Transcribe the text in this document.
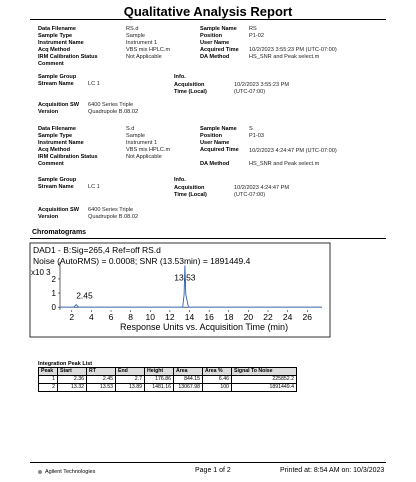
Qualitative Analysis Report
Data Filename	RS.d	Sample Name RS
Sample Type	Sample	Position	P1-02
Instrument Name	Instrument 1	User Name
Acq Method	VBS mix HPLC.m	Acquired Time 10/2/2023 3:55:23 PM (UTC-07:00)
IRM Calibration Status	Not Applicable	DA Method	HS_SNR and Peak select.m
Comment
Sample Group	Info.
Stream Name	LC 1	Acquisition Time (Local)
10/2/2023 3:55:23 PM (UTC-07:00)
Acquisition SW Version
6400 Series Triple Quadrupole B.08.02
Data Filename	S.d	Sample Name S
Sample Type	Sample	Position	P1-03
Instrument Name	Instrument 1	User Name
Acq Method	VBS mix HPLC.m	Acquired Time 10/2/2023 4:24:47 PM (UTC-07:00)
IRM Calibration Status	Not Applicable
DA Method	HS_SNR and Peak select.m
Comment
Sample Group	Info.
Stream Name	LC 1	Acquisition Time (Local)
10/2/2023 4:24:47 PM (UTC-07:00)
Acquisition SW Version
6400 Series Triple Quadrupole B.08.02
Chromatograms
2 4 6 8 10 12 14 16 18 20 22 24 26
0
1
2
2.45
13.53
DAD1 - B:Sig=265,4 Ref=off RS.d
Noise (AutoRMS) = 0.0008; SNR (13.53min) = 1891449.4
x10 3
Response Units vs. Acquisition Time (min)
Integration Peak List
Peak	Start	RT	End	Height	Area	Area %	Signal To Noise
1	2.36	2.45	2.7	176.86	844.15	6.46	225852.2
2	13.32	13.53	13.89	1481.16	13067.98	100	1891449.4
Agilent Technologies	Page 1 of 2	Printed at: 8:54 AM on: 10/3/2023
